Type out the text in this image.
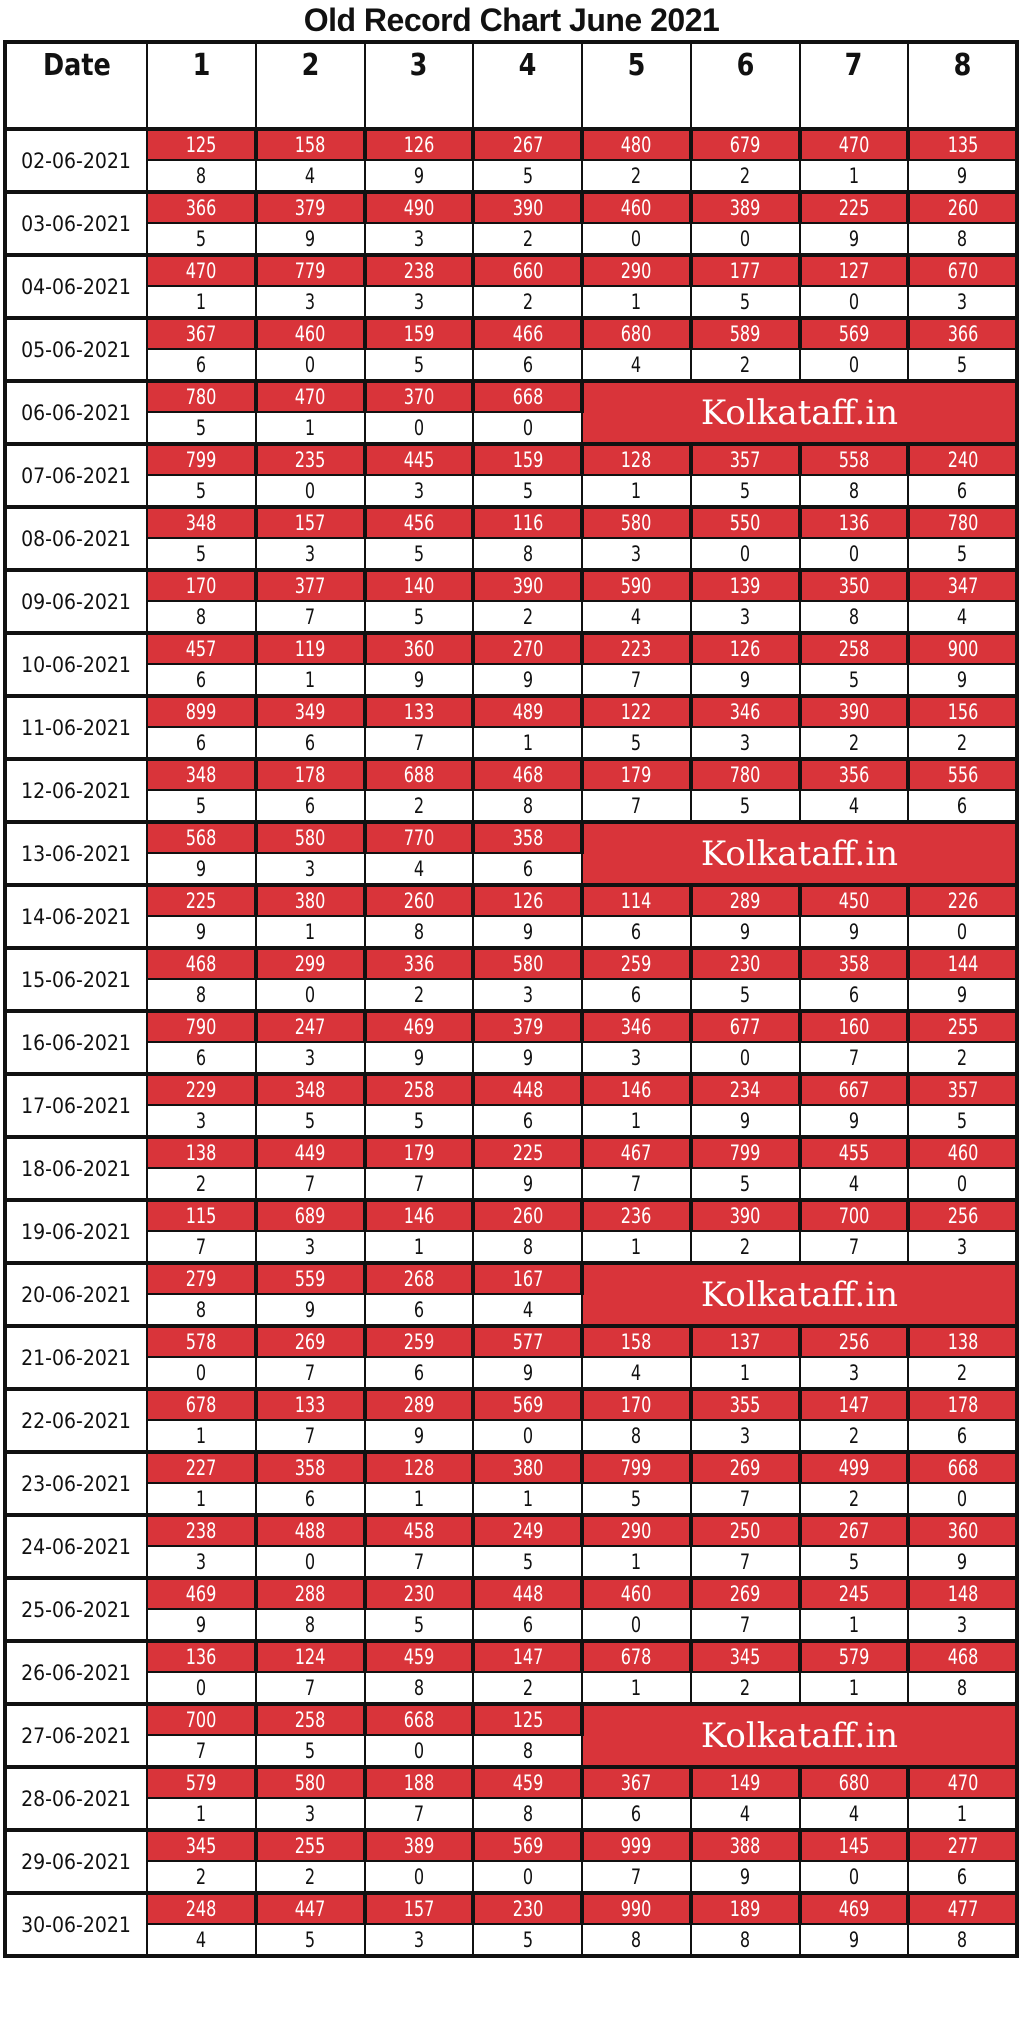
Old Record Chart June 2021
Date	1	2	3	4	5	6	7	8
02-06-2021	125	158	126	267	480	679	470	135
	8	4	9	5	2	2	1	9
03-06-2021	366	379	490	390	460	389	225	260
	5	9	3	2	0	0	9	8
04-06-2021	470	779	238	660	290	177	127	670
	1	3	3	2	1	5	0	3
05-06-2021	367	460	159	466	680	589	569	366
	6	0	5	6	4	2	0	5
06-06-2021	780	470	370	668	Kolkataff.in			
	5	1	0	0				
07-06-2021	799	235	445	159	128	357	558	240
	5	0	3	5	1	5	8	6
08-06-2021	348	157	456	116	580	550	136	780
	5	3	5	8	3	0	0	5
09-06-2021	170	377	140	390	590	139	350	347
	8	7	5	2	4	3	8	4
10-06-2021	457	119	360	270	223	126	258	900
	6	1	9	9	7	9	5	9
11-06-2021	899	349	133	489	122	346	390	156
	6	6	7	1	5	3	2	2
12-06-2021	348	178	688	468	179	780	356	556
	5	6	2	8	7	5	4	6
13-06-2021	568	580	770	358	Kolkataff.in			
	9	3	4	6				
14-06-2021	225	380	260	126	114	289	450	226
	9	1	8	9	6	9	9	0
15-06-2021	468	299	336	580	259	230	358	144
	8	0	2	3	6	5	6	9
16-06-2021	790	247	469	379	346	677	160	255
	6	3	9	9	3	0	7	2
17-06-2021	229	348	258	448	146	234	667	357
	3	5	5	6	1	9	9	5
18-06-2021	138	449	179	225	467	799	455	460
	2	7	7	9	7	5	4	0
19-06-2021	115	689	146	260	236	390	700	256
	7	3	1	8	1	2	7	3
20-06-2021	279	559	268	167	Kolkataff.in			
	8	9	6	4				
21-06-2021	578	269	259	577	158	137	256	138
	0	7	6	9	4	1	3	2
22-06-2021	678	133	289	569	170	355	147	178
	1	7	9	0	8	3	2	6
23-06-2021	227	358	128	380	799	269	499	668
	1	6	1	1	5	7	2	0
24-06-2021	238	488	458	249	290	250	267	360
	3	0	7	5	1	7	5	9
25-06-2021	469	288	230	448	460	269	245	148
	9	8	5	6	0	7	1	3
26-06-2021	136	124	459	147	678	345	579	468
	0	7	8	2	1	2	1	8
27-06-2021	700	258	668	125	Kolkataff.in			
	7	5	0	8				
28-06-2021	579	580	188	459	367	149	680	470
	1	3	7	8	6	4	4	1
29-06-2021	345	255	389	569	999	388	145	277
	2	2	0	0	7	9	0	6
30-06-2021	248	447	157	230	990	189	469	477
	4	5	3	5	8	8	9	8
